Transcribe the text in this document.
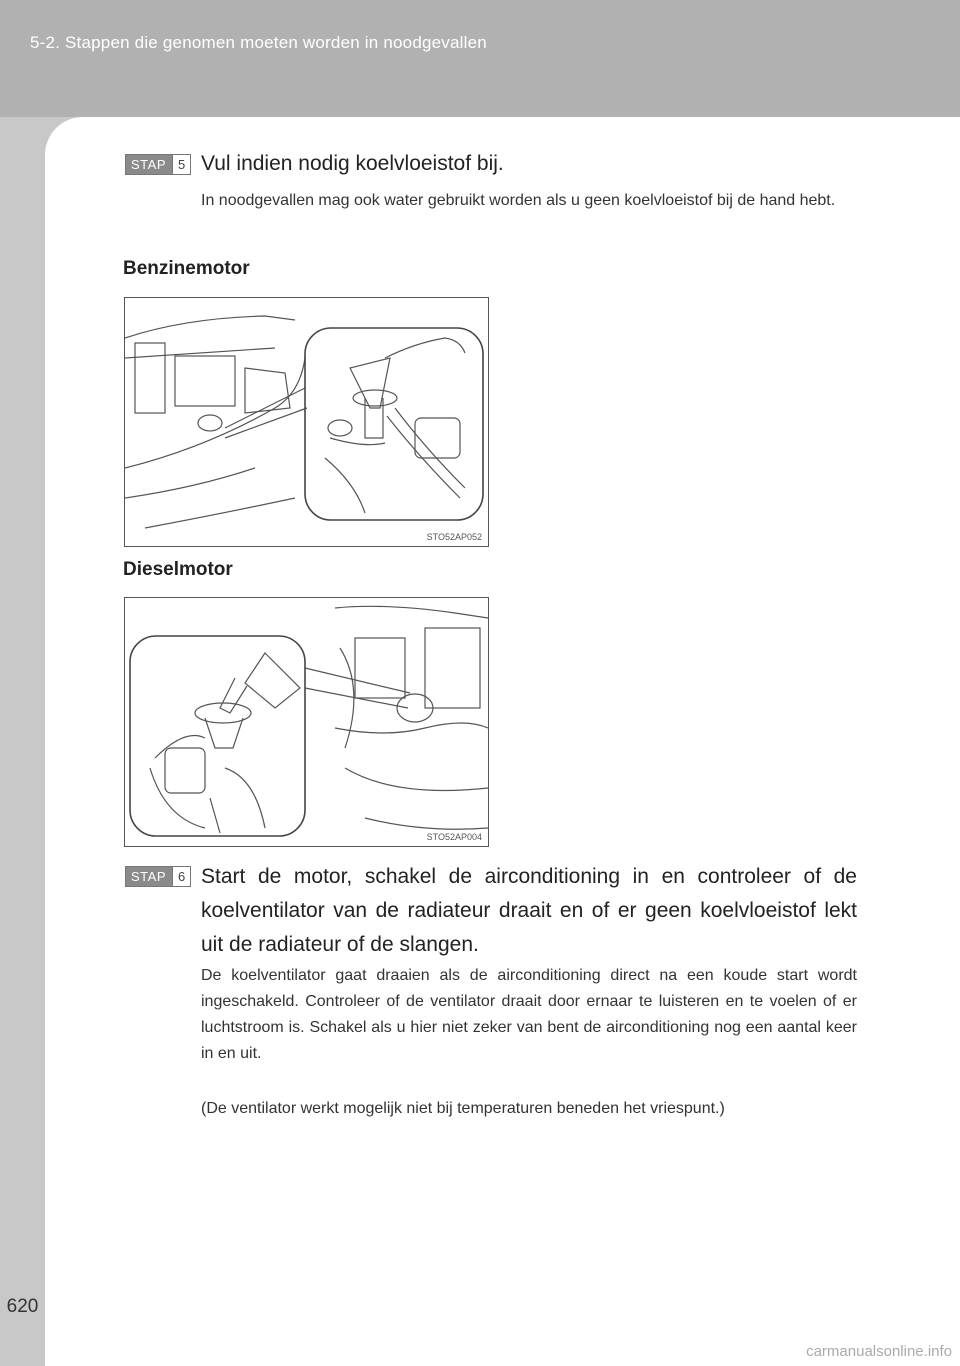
5-2. Stappen die genomen moeten worden in noodgevallen
620
STAP 5 Vul indien nodig koelvloeistof bij.
In noodgevallen mag ook water gebruikt worden als u geen koelvloeistof bij de hand hebt.
Benzinemotor
STO52AP052
Dieselmotor
STO52AP004
STAP 6 Start de motor, schakel de airconditioning in en controleer of de koelventilator van de radiateur draait en of er geen koelvloeistof lekt uit de radiateur of de slangen.
De koelventilator gaat draaien als de airconditioning direct na een koude start wordt ingeschakeld. Controleer of de ventilator draait door ernaar te luisteren en te voelen of er luchtstroom is. Schakel als u hier niet zeker van bent de airconditioning nog een aantal keer in en uit.
(De ventilator werkt mogelijk niet bij temperaturen beneden het vriespunt.)
carmanualsonline.info
